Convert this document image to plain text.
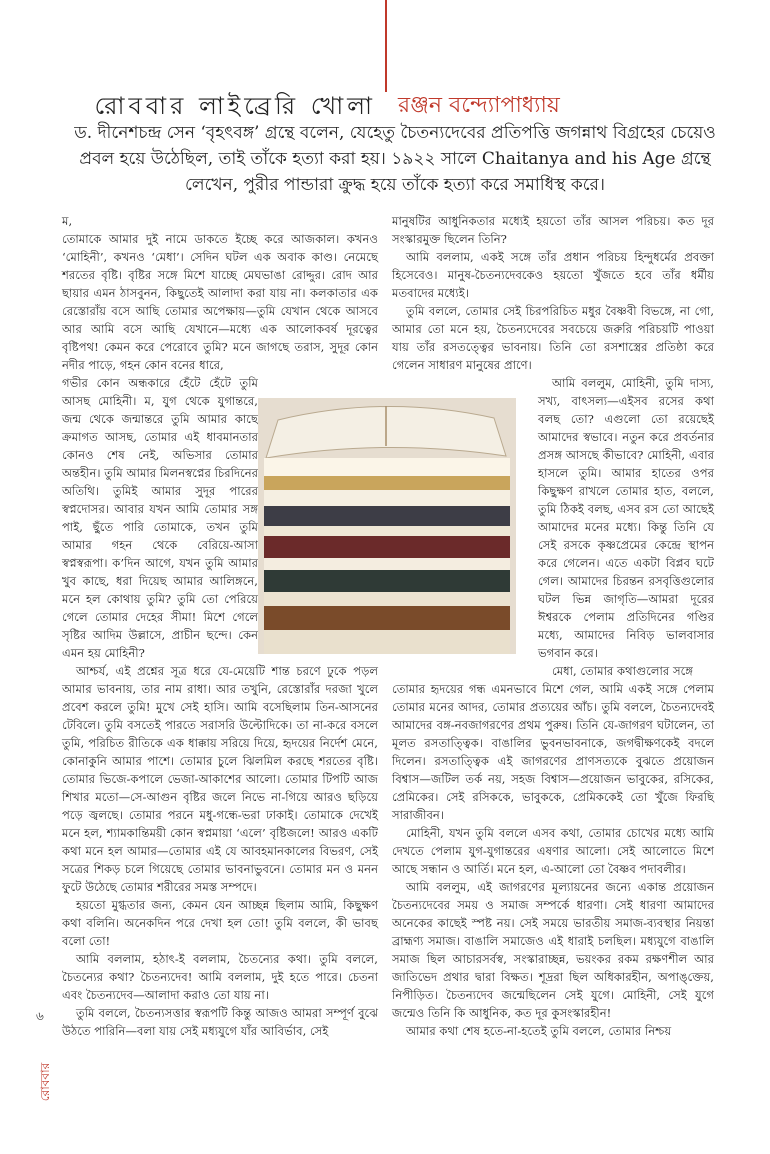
রোববার লাইব্রেরি খোলা রঞ্জন বন্দ্যোপাধ্যায়
ড. দীনেশচন্দ্র সেন ‘বৃহৎবঙ্গ’ গ্রন্থে বলেন, যেহেতু চৈতন্যদেবের প্রতিপত্তি জগন্নাথ বিগ্রহের চেয়েও প্রবল হয়ে উঠেছিল, তাই তাঁকে হত্যা করা হয়। ১৯২২ সালে Chaitanya and his Age গ্রন্থে লেখেন, পুরীর পান্ডারা ক্রুদ্ধ হয়ে তাঁকে হত্যা করে সমাধিস্থ করে।

ম,

তোমাকে আমার দুই নামে ডাকতে ইচ্ছে করে আজকাল। কখনও ‘মোহিনী’, কখনও ‘মেধা’। সেদিন ঘটল এক অবাক কাণ্ড। নেমেছে শরতের বৃষ্টি। বৃষ্টির সঙ্গে মিশে যাচ্ছে মেঘভাঙা রোদ্দুর। রোদ আর ছায়ার এমন ঠাসবুনন, কিছুতেই আলাদা করা যায় না। কলকাতার এক রেস্তোরাঁয় বসে আছি তোমার অপেক্ষায়—তুমি যেখান থেকে আসবে আর আমি বসে আছি যেখানে—মধ্যে এক আলোকবর্ষ দূরত্বের বৃষ্টিপথ! কেমন করে পেরোবে তুমি? মনে জাগছে তরাস, সুদূর কোন নদীর পাড়ে, গহন কোন বনের ধারে,

গভীর কোন অন্ধকারে হেঁটে হেঁটে তুমি আসছ মোহিনী। ম, যুগ থেকে যুগান্তরে, জন্ম থেকে জন্মান্তরে তুমি আমার কাছে ক্রমাগত আসছ, তোমার এই ধাবমানতার কোনও শেষ নেই, অভিসার তোমার অন্তহীন। তুমি আমার মিলনস্বপ্নের চিরদিনের অতিথি। তুমিই আমার সুদূর পারের স্বপ্নদোসর। আবার যখন আমি তোমার সঙ্গ পাই, ছুঁতে পারি তোমাকে, তখন তুমি আমার গহন থেকে বেরিয়ে-আসা স্বপ্নস্বরূপা। ক’দিন আগে, যখন তুমি আমার খুব কাছে, ধরা দিয়েছ আমার আলিঙ্গনে, মনে হল কোথায় তুমি? তুমি তো পেরিয়ে গেলে তোমার দেহের সীমা! মিশে গেলে সৃষ্টির আদিম উল্লাসে, প্রাচীন ছন্দে। কেন এমন হয় মোহিনী?

আশ্চর্য, এই প্রশ্নের সূত্র ধরে যে-মেয়েটি শান্ত চরণে ঢুকে পড়ল আমার ভাবনায়, তার নাম রাধা। আর তখুনি, রেস্তোরাঁর দরজা খুলে প্রবেশ করলে তুমি! মুখে সেই হাসি। আমি বসেছিলাম তিন-আসনের টেবিলে। তুমি বসতেই পারতে সরাসরি উল্টোদিকে। তা না-করে বসলে তুমি, পরিচিত রীতিকে এক ধাক্কায় সরিয়ে দিয়ে, হৃদয়ের নির্দেশ মেনে, কোনাকুনি আমার পাশে। তোমার চুলে ঝিলমিল করছে শরতের বৃষ্টি। তোমার ভিজে-কপালে ভেজা-আকাশের আলো। তোমার টিপটি আজ শিখার মতো—সে-আগুন বৃষ্টির জলে নিভে না-গিয়ে আরও ছড়িয়ে পড়ে জ্বলছে। তোমার পরনে মধু-গন্ধে-ভরা ঢাকাই। তোমাকে দেখেই মনে হল, শ্যামকান্তিময়ী কোন স্বপ্নমায়া ‘এলে’ বৃষ্টিজলে! আরও একটি কথা মনে হল আমার—তোমার এই যে আবহমানকালের বিভরণ, সেই সত্রের শিকড় চলে গিয়েছে তোমার ভাবনাভুবনে। তোমার মন ও মনন ফুটে উঠেছে তোমার শরীরের সমস্ত সম্পদে।

হয়তো মুগ্ধতার জন্য, কেমন যেন আচ্ছন্ন ছিলাম আমি, কিছুক্ষণ কথা বলিনি। অনেকদিন পরে দেখা হল তো! তুমি বললে, কী ভাবছ বলো তো!

আমি বললাম, হঠাৎ-ই বললাম, চৈতন্যের কথা। তুমি বললে, চৈতন্যের কথা? চৈতন্যদেব! আমি বললাম, দুই হতে পারে। চেতনা এবং চৈতন্যদেব—আলাদা করাও তো যায় না।

তুমি বললে, চৈতন্যসত্তার স্বরূপটি কিন্তু আজও আমরা সম্পূর্ণ বুঝে উঠতে পারিনি—বলা যায় সেই মধ্যযুগে যাঁর আবির্ভাব, সেই

মানুষটির আধুনিকতার মধ্যেই হয়তো তাঁর আসল পরিচয়। কত দূর সংস্কারমুক্ত ছিলেন তিনি?

আমি বললাম, একই সঙ্গে তাঁর প্রধান পরিচয় হিন্দুধর্মের প্রবক্তা হিসেবেও। মানুষ-চৈতন্যদেবকেও হয়তো খুঁজতে হবে তাঁর ধর্মীয় মতবাদের মধ্যেই।

তুমি বললে, তোমার সেই চিরপরিচিত মধুর বৈষ্ণবী বিভঙ্গে, না গো, আমার তো মনে হয়, চৈতন্যদেবের সবচেয়ে জরুরি পরিচয়টি পাওয়া যায় তাঁর রসতত্ত্বের ভাবনায়। তিনি তো রসশাস্ত্রের প্রতিষ্ঠা করে গেলেন সাধারণ মানুষের প্রাণে।

আমি বললুম, মোহিনী, তুমি দাস্য, সখ্য, বাৎসল্য—এইসব রসের কথা বলছ তো? এগুলো তো রয়েছেই আমাদের স্বভাবে। নতুন করে প্রবর্তনার প্রসঙ্গ আসছে কীভাবে? মোহিনী, এবার হাসলে তুমি। আমার হাতের ওপর কিছুক্ষণ রাখলে তোমার হাত, বললে, তুমি ঠিকই বলছ, এসব রস তো আছেই আমাদের মনের মধ্যে। কিন্তু তিনি যে সেই রসকে কৃষ্ণপ্রেমের কেন্দ্রে স্থাপন করে গেলেন। এতে একটা বিপ্লব ঘটে গেল। আমাদের চিরন্তন রসবৃত্তিগুলোর ঘটল ভিন্ন জাগৃতি—আমরা দূরের ঈশ্বরকে পেলাম প্রতিদিনের গণ্ডির মধ্যে, আমাদের নিবিড় ভালবাসার ভগবান করে।

মেধা, তোমার কথাগুলোর সঙ্গে

তোমার হৃদয়ের গন্ধ এমনভাবে মিশে গেল, আমি একই সঙ্গে পেলাম তোমার মনের আদর, তোমার প্রত্যয়ের আঁচ। তুমি বললে, চৈতন্যদেবই আমাদের বঙ্গ-নবজাগরণের প্রথম পুরুষ। তিনি যে-জাগরণ ঘটালেন, তা মূলত রসতাত্ত্বিক। বাঙালির ভুবনভাবনাকে, জগদ্বীক্ষণকেই বদলে দিলেন। রসতাত্ত্বিক এই জাগরণের প্রাণসত্যকে বুঝতে প্রয়োজন বিশ্বাস—জটিল তর্ক নয়, সহজ বিশ্বাস—প্রয়োজন ভাবুকের, রসিকের, প্রেমিকের। সেই রসিককে, ভাবুককে, প্রেমিককেই তো খুঁজে ফিরছি সারাজীবন।

মোহিনী, যখন তুমি বললে এসব কথা, তোমার চোখের মধ্যে আমি দেখতে পেলাম যুগ-যুগান্তরের এষণার আলো। সেই আলোতে মিশে আছে সন্ধান ও আর্তি। মনে হল, এ-আলো তো বৈষ্ণব পদাবলীর।

আমি বললুম, এই জাগরণের মূল্যায়নের জন্যে একান্ত প্রয়োজন চৈতন্যদেবের সময় ও সমাজ সম্পর্কে ধারণা। সেই ধারণা আমাদের অনেকের কাছেই স্পষ্ট নয়। সেই সময়ে ভারতীয় সমাজ-ব্যবস্থার নিয়ন্তা ব্রাহ্মণ্য সমাজ। বাঙালি সমাজেও এই ধারাই চলছিল। মধ্যযুগে বাঙালি সমাজ ছিল আচারসর্বস্ব, সংস্কারাচ্ছন্ন, ভয়ংকর রকম রক্ষণশীল আর জাতিভেদ প্রথার দ্বারা বিক্ষত। শূদ্ররা ছিল অধিকারহীন, অপাঙ্‌ক্তেয়, নিপীড়িত। চৈতন্যদেব জন্মেছিলেন সেই যুগে। মোহিনী, সেই যুগে জন্মেও তিনি কি আধুনিক, কত দূর কুসংস্কারহীন!

আমার কথা শেষ হতে-না-হতেই তুমি বললে, তোমার নিশ্চয়

৬
রোববার
